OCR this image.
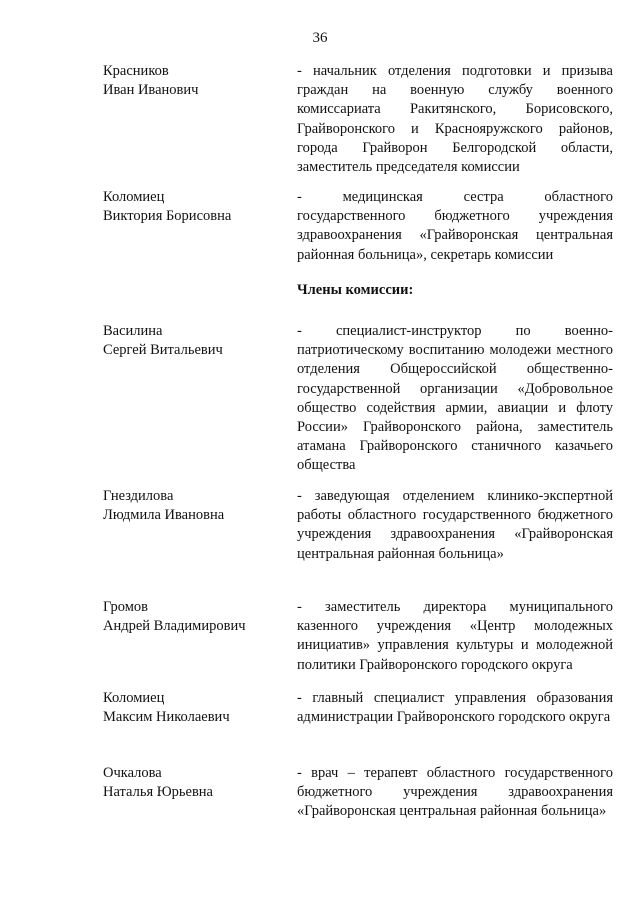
36
Красников
Иван Иванович
- начальник отделения подготовки и призыва граждан на военную службу военного комиссариата Ракитянского, Борисовского, Грайворонского и Краснояружского районов, города Грайворон Белгородской области, заместитель председателя комиссии
Коломиец
Виктория Борисовна
- медицинская сестра областного государственного бюджетного учреждения здравоохранения «Грайворонская центральная районная больница», секретарь комиссии
Члены комиссии:
Василина
Сергей Витальевич
- специалист-инструктор по военно-патриотическому воспитанию молодежи местного отделения Общероссийской общественно-государственной организации «Добровольное общество содействия армии, авиации и флоту России» Грайворонского района, заместитель атамана Грайворонского станичного казачьего общества
Гнездилова
Людмила Ивановна
- заведующая отделением клинико-экспертной работы областного государственного бюджетного учреждения здравоохранения «Грайворонская центральная районная больница»
Громов
Андрей Владимирович
- заместитель директора муниципального казенного учреждения «Центр молодежных инициатив» управления культуры и молодежной политики Грайворонского городского округа
Коломиец
Максим Николаевич
- главный специалист управления образования администрации Грайворонского городского округа
Очкалова
Наталья Юрьевна
- врач – терапевт областного государственного бюджетного учреждения здравоохранения «Грайворонская центральная районная больница»
